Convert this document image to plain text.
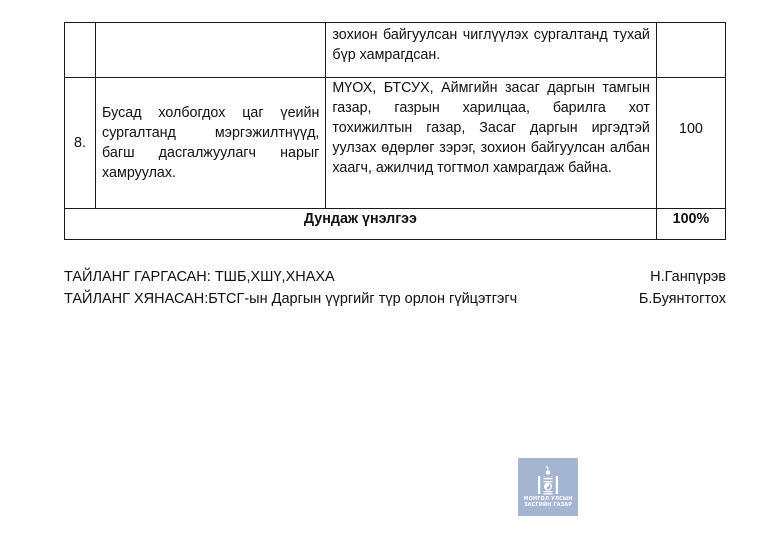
		зохион байгуулсан чиглүүлэх сургалтанд тухай бүр хамрагдсан.	
8.	Бусад холбогдох цаг үеийн сургалтанд мэргэжилтнүүд, багш дасгалжуулагч нарыг хамруулах.	МҮОХ, БТСУХ, Аймгийн засаг даргын тамгын газар, газрын харилцаа, барилга хот тохижилтын газар, Засаг даргын иргэдтэй уулзах өдөрлөг зэрэг, зохион байгуулсан албан хаагч, ажилчид тогтмол хамрагдаж байна.	100
Дундаж үнэлгээ			100%
ТАЙЛАНГ ГАРГАСАН: ТШБ,ХШҮ,ХНАХА	Н.Ганпүрэв
ТАЙЛАНГ ХЯНАСАН:БТСГ-ын Даргын үүргийг түр орлон гүйцэтгэгч	Б.Буянтогтох
МОНГОЛ УЛСЫН
ЗАСГИЙН ГАЗАР
